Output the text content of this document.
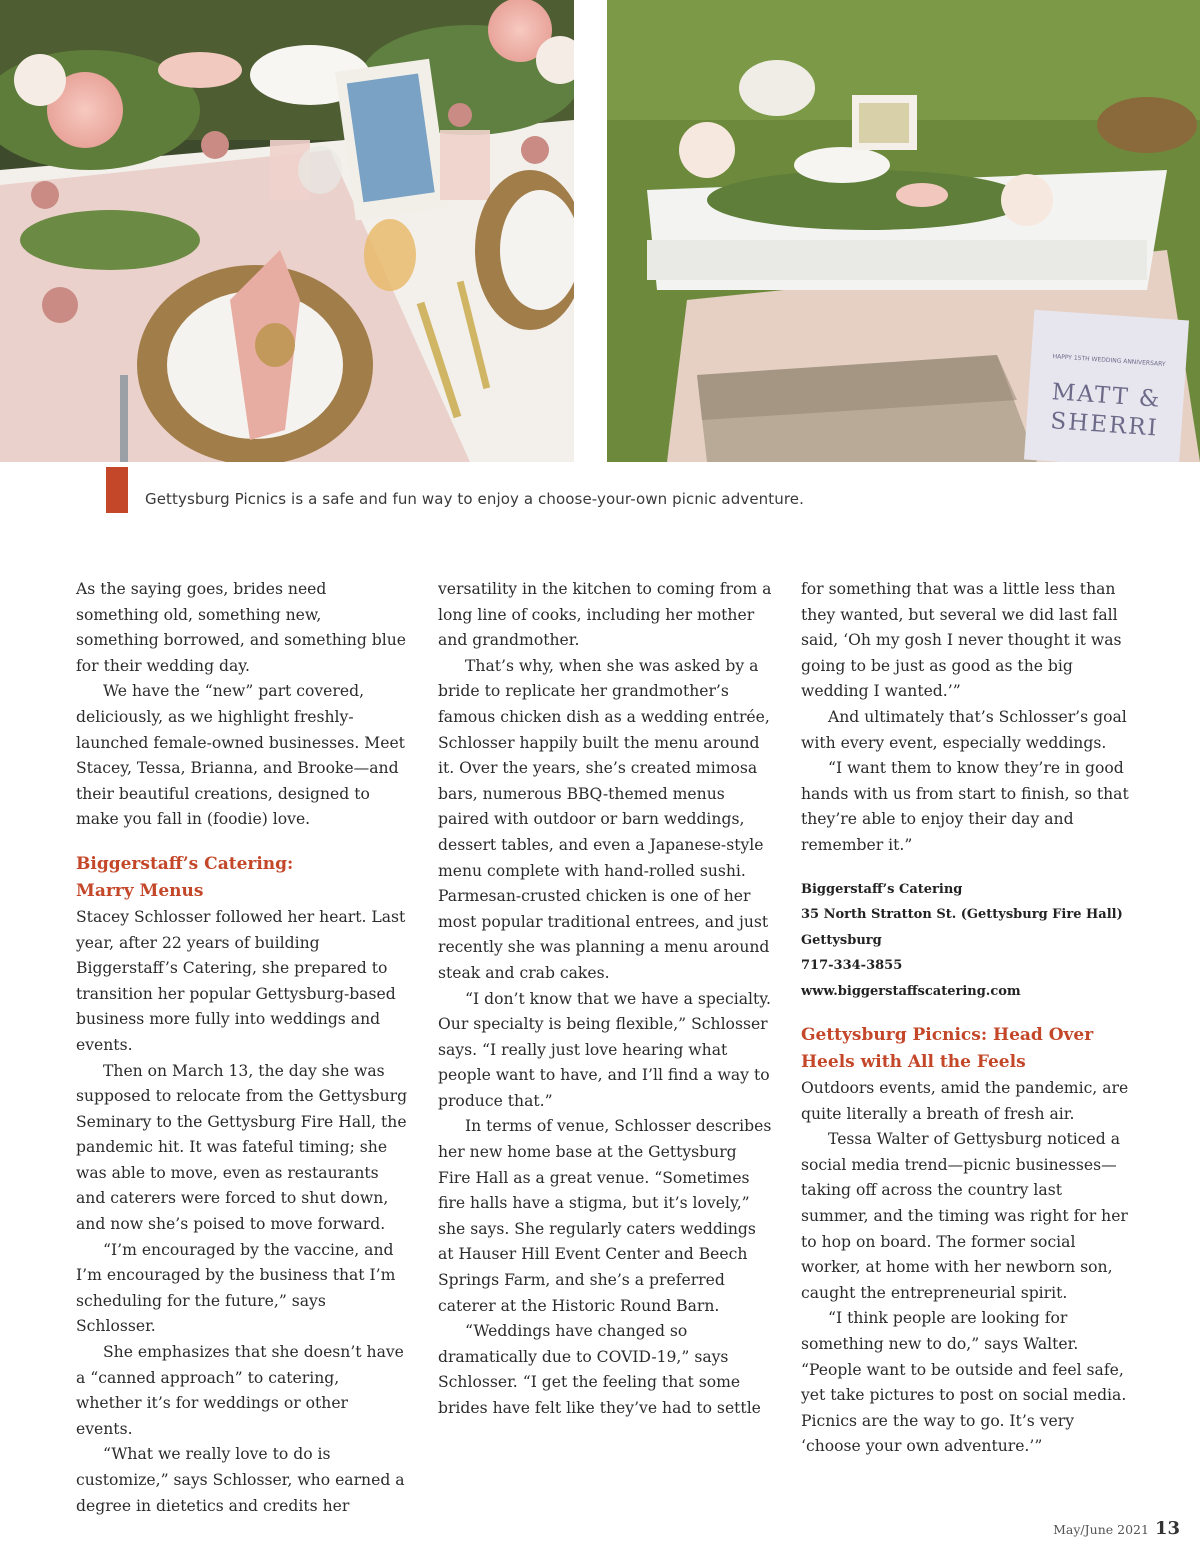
HAPPY 15TH WEDDING ANNIVERSARY
MATT &
SHERRI
Gettysburg Picnics is a safe and fun way to enjoy a choose-your-own picnic adventure.

As the saying goes, brides need something old, something new, something borrowed, and something blue for their wedding day.

We have the “new” part covered, deliciously, as we highlight freshly-launched female-owned businesses. Meet Stacey, Tessa, Brianna, and Brooke—and their beautiful creations, designed to make you fall in (foodie) love.

Biggerstaff’s Catering:
Marry Menus

Stacey Schlosser followed her heart. Last year, after 22 years of building Biggerstaff’s Catering, she prepared to transition her popular Gettysburg-based business more fully into weddings and events.

Then on March 13, the day she was supposed to relocate from the Gettysburg Seminary to the Gettysburg Fire Hall, the pandemic hit. It was fateful timing; she was able to move, even as restaurants and caterers were forced to shut down, and now she’s poised to move forward.

“I’m encouraged by the vaccine, and I’m encouraged by the business that I’m scheduling for the future,” says Schlosser.

She emphasizes that she doesn’t have a “canned approach” to catering, whether it’s for weddings or other events.

“What we really love to do is customize,” says Schlosser, who earned a degree in dietetics and credits her

versatility in the kitchen to coming from a long line of cooks, including her mother and grandmother.

That’s why, when she was asked by a bride to replicate her grandmother’s famous chicken dish as a wedding entrée, Schlosser happily built the menu around it. Over the years, she’s created mimosa bars, numerous BBQ-themed menus paired with outdoor or barn weddings, dessert tables, and even a Japanese-style menu complete with hand-rolled sushi. Parmesan-crusted chicken is one of her most popular traditional entrees, and just recently she was planning a menu around steak and crab cakes.

“I don’t know that we have a specialty. Our specialty is being flexible,” Schlosser says. “I really just love hearing what people want to have, and I’ll find a way to produce that.”

In terms of venue, Schlosser describes her new home base at the Gettysburg Fire Hall as a great venue. “Sometimes fire halls have a stigma, but it’s lovely,” she says. She regularly caters weddings at Hauser Hill Event Center and Beech Springs Farm, and she’s a preferred caterer at the Historic Round Barn.

“Weddings have changed so dramatically due to COVID-19,” says Schlosser. “I get the feeling that some brides have felt like they’ve had to settle

for something that was a little less than they wanted, but several we did last fall said, ‘Oh my gosh I never thought it was going to be just as good as the big wedding I wanted.’”

And ultimately that’s Schlosser’s goal with every event, especially weddings.

“I want them to know they’re in good hands with us from start to finish, so that they’re able to enjoy their day and remember it.”

Biggerstaff’s Catering
35 North Stratton St. (Gettysburg Fire Hall)
Gettysburg
717-334-3855
www.biggerstaffscatering.com
Gettysburg Picnics: Head Over
Heels with All the Feels

Outdoors events, amid the pandemic, are quite literally a breath of fresh air.

Tessa Walter of Gettysburg noticed a social media trend—picnic businesses—taking off across the country last summer, and the timing was right for her to hop on board. The former social worker, at home with her newborn son, caught the entrepreneurial spirit.

“I think people are looking for something new to do,” says Walter. “People want to be outside and feel safe, yet take pictures to post on social media. Picnics are the way to go. It’s very ‘choose your own adventure.’”

May/June 2021 13
